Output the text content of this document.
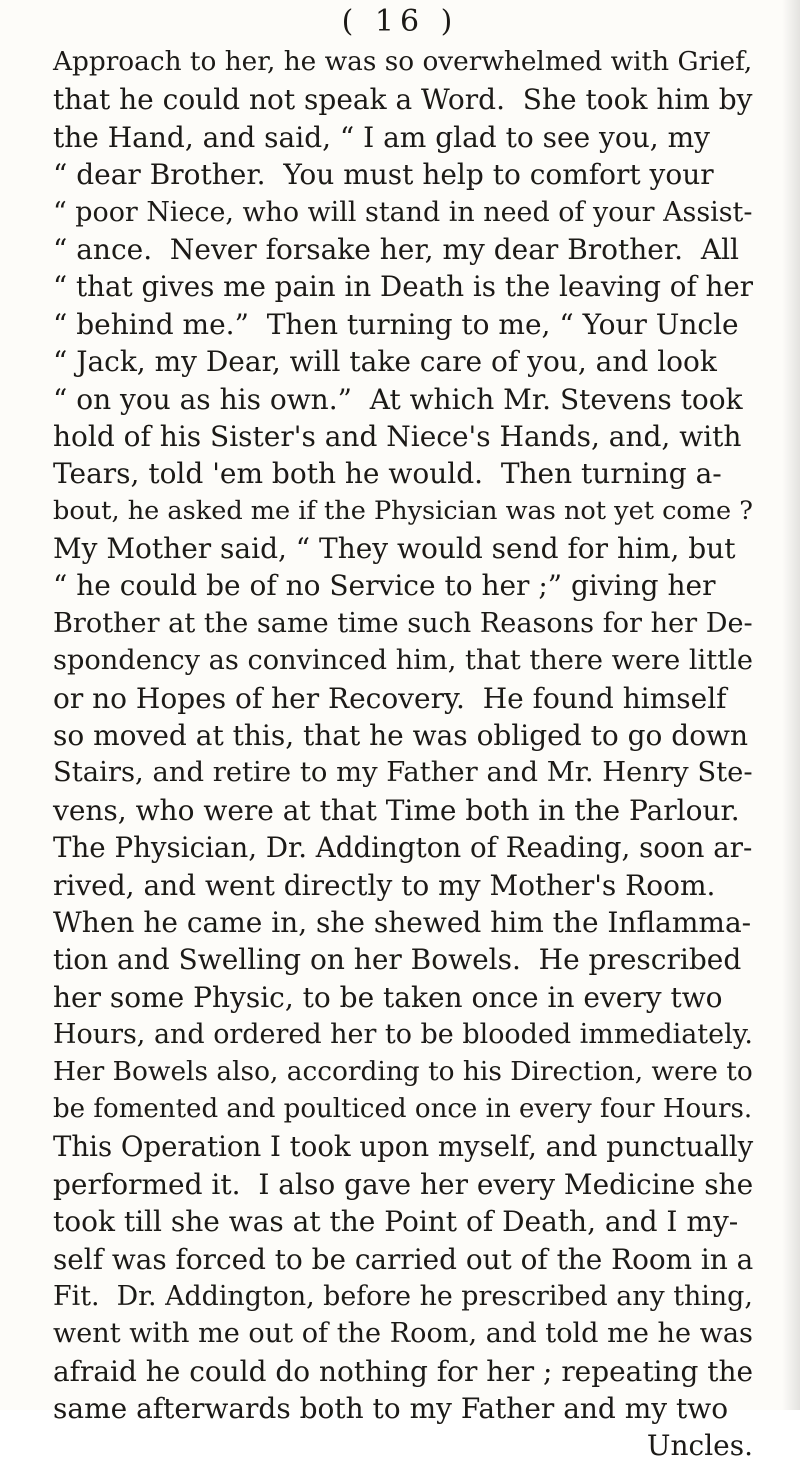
( 16 )
Approach to her, he was so overwhelmed with Grief,
that he could not speak a Word.  She took him by
the Hand, and said, “ I am glad to see you, my
“ dear Brother.  You must help to comfort your
“ poor Niece, who will stand in need of your Assist-
“ ance.  Never forsake her, my dear Brother.  All
“ that gives me pain in Death is the leaving of her
“ behind me.”  Then turning to me, “ Your Uncle
“ Jack, my Dear, will take care of you, and look
“ on you as his own.”  At which Mr. Stevens took
hold of his Sister's and Niece's Hands, and, with
Tears, told 'em both he would.  Then turning a-
bout, he asked me if the Physician was not yet come ?
My Mother said, “ They would send for him, but
“ he could be of no Service to her ;” giving her
Brother at the same time such Reasons for her De-
spondency as convinced him, that there were little
or no Hopes of her Recovery.  He found himself
so moved at this, that he was obliged to go down
Stairs, and retire to my Father and Mr. Henry Ste-
vens, who were at that Time both in the Parlour.
The Physician, Dr. Addington of Reading, soon ar-
rived, and went directly to my Mother's Room.
When he came in, she shewed him the Inflamma-
tion and Swelling on her Bowels.  He prescribed
her some Physic, to be taken once in every two
Hours, and ordered her to be blooded immediately.
Her Bowels also, according to his Direction, were to
be fomented and poulticed once in every four Hours.
This Operation I took upon myself, and punctually
performed it.  I also gave her every Medicine she
took till she was at the Point of Death, and I my-
self was forced to be carried out of the Room in a
Fit.  Dr. Addington, before he prescribed any thing,
went with me out of the Room, and told me he was
afraid he could do nothing for her ; repeating the
same afterwards both to my Father and my two
Uncles.
